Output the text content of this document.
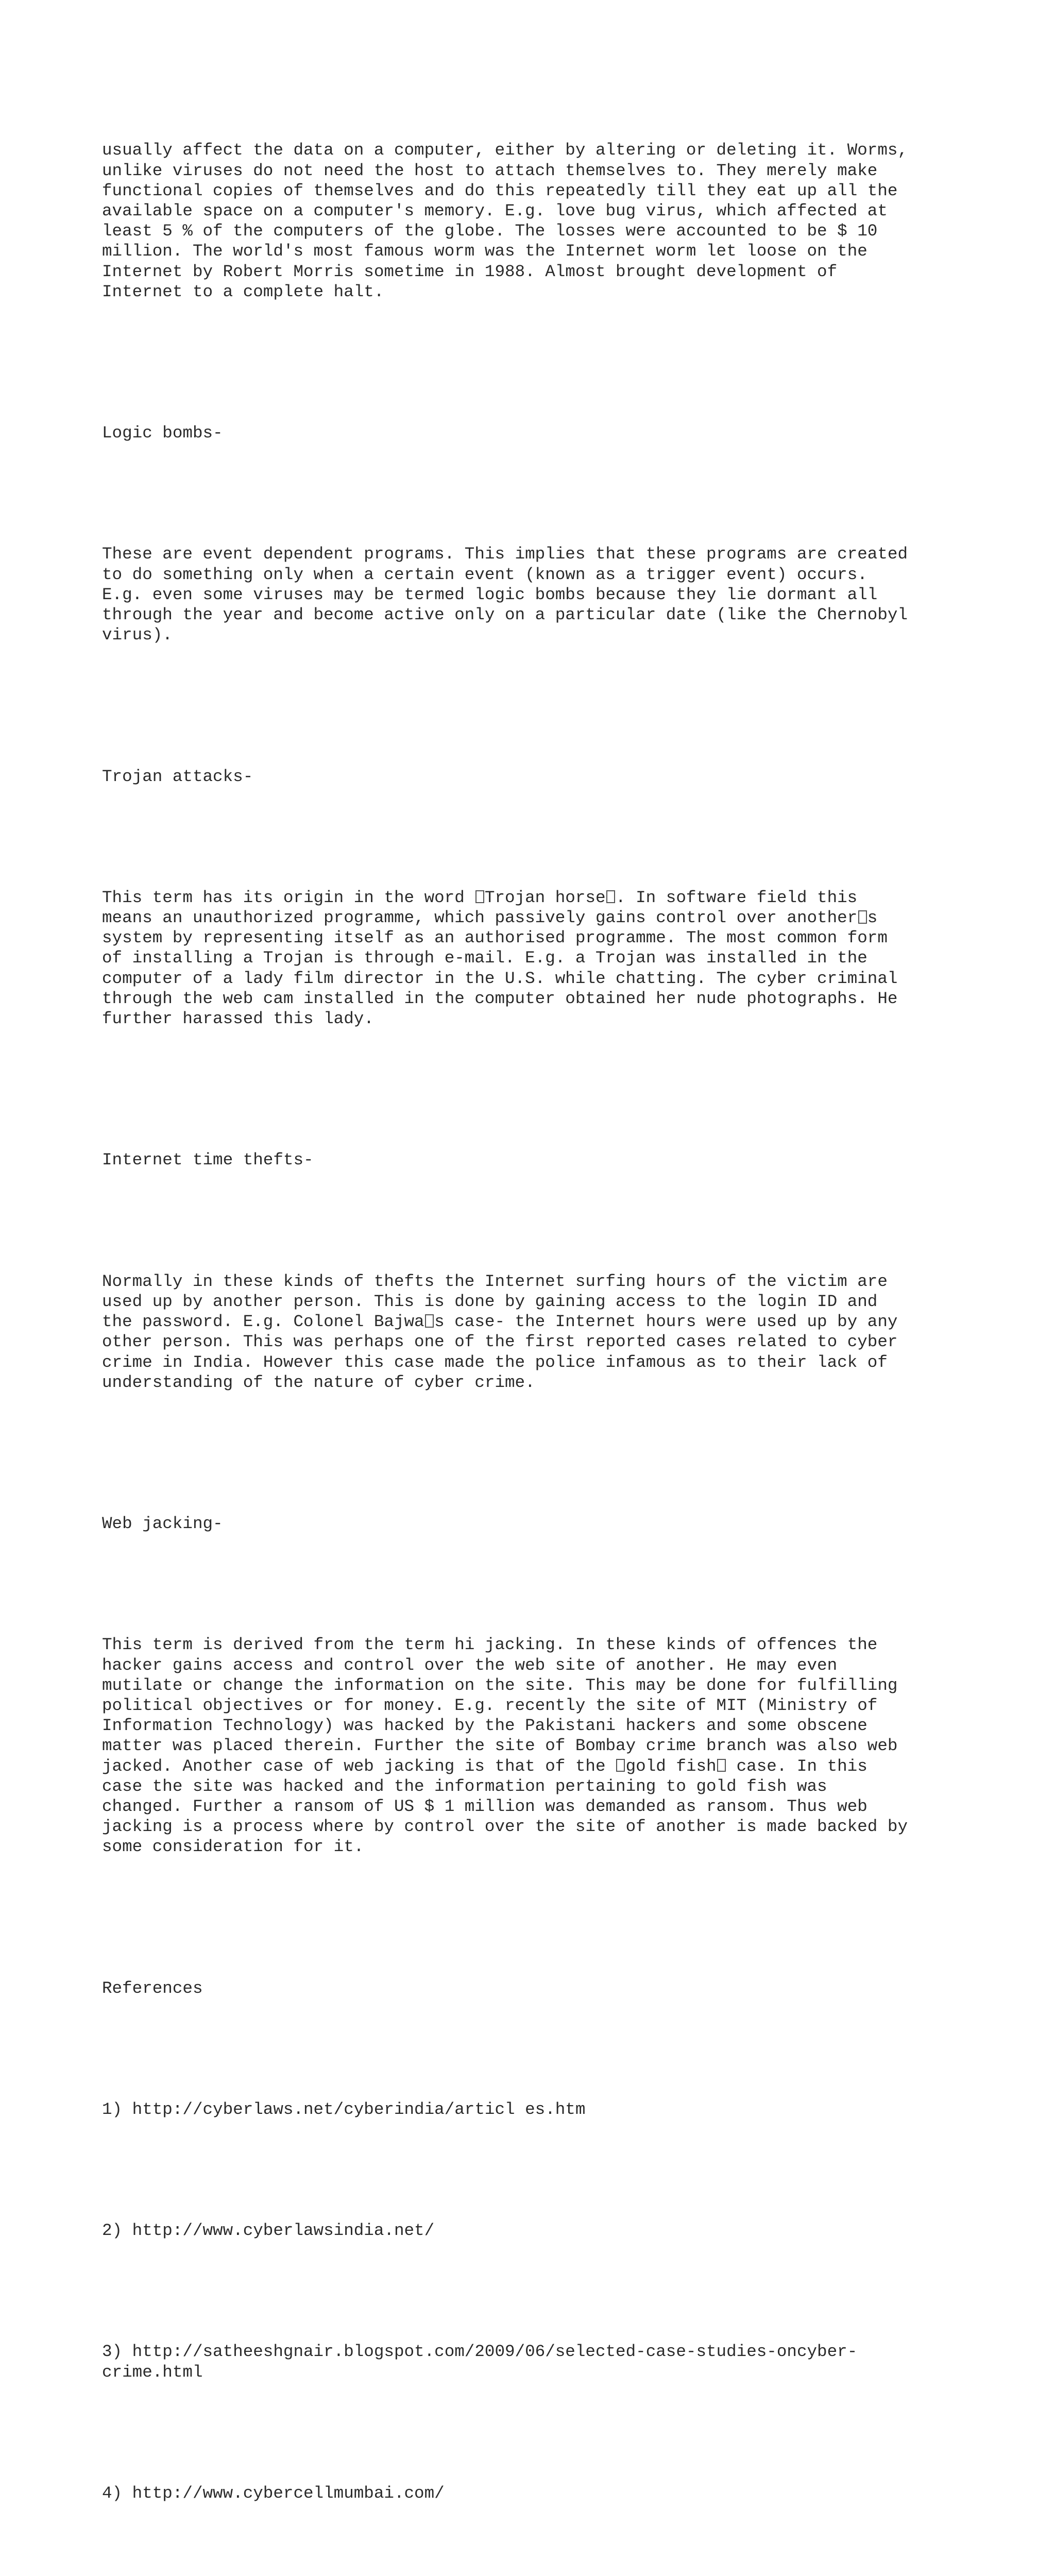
usually affect the data on a computer, either by altering or deleting it. Worms,
unlike viruses do not need the host to attach themselves to. They merely make
functional copies of themselves and do this repeatedly till they eat up all the
available space on a computer's memory. E.g. love bug virus, which affected at
least 5 % of the computers of the globe. The losses were accounted to be $ 10
million. The world's most famous worm was the Internet worm let loose on the
Internet by Robert Morris sometime in 1988. Almost brought development of
Internet to a complete halt.

Logic bombs-

These are event dependent programs. This implies that these programs are created
to do something only when a certain event (known as a trigger event) occurs.
E.g. even some viruses may be termed logic bombs because they lie dormant all
through the year and become active only on a particular date (like the Chernobyl
virus).

Trojan attacks-

This term has its origin in the word Trojan horse . In software field this
means an unauthorized programme, which passively gains control over another s
system by representing itself as an authorised programme. The most common form
of installing a Trojan is through e-mail. E.g. a Trojan was installed in the
computer of a lady film director in the U.S. while chatting. The cyber criminal
through the web cam installed in the computer obtained her nude photographs. He
further harassed this lady.

Internet time thefts-

Normally in these kinds of thefts the Internet surfing hours of the victim are
used up by another person. This is done by gaining access to the login ID and
the password. E.g. Colonel Bajwa s case- the Internet hours were used up by any
other person. This was perhaps one of the first reported cases related to cyber
crime in India. However this case made the police infamous as to their lack of
understanding of the nature of cyber crime.

Web jacking-

This term is derived from the term hi jacking. In these kinds of offences the
hacker gains access and control over the web site of another. He may even
mutilate or change the information on the site. This may be done for fulfilling
political objectives or for money. E.g. recently the site of MIT (Ministry of
Information Technology) was hacked by the Pakistani hackers and some obscene
matter was placed therein. Further the site of Bombay crime branch was also web
jacked. Another case of web jacking is that of the gold fish case. In this
case the site was hacked and the information pertaining to gold fish was
changed. Further a ransom of US $ 1 million was demanded as ransom. Thus web
jacking is a process where by control over the site of another is made backed by
some consideration for it.

References

1) http://cyberlaws.net/cyberindia/articl es.htm

2) http://www.cyberlawsindia.net/

3) http://satheeshgnair.blogspot.com/2009/06/selected-case-studies-oncyber-
crime.html

4) http://www.cybercellmumbai.com/
